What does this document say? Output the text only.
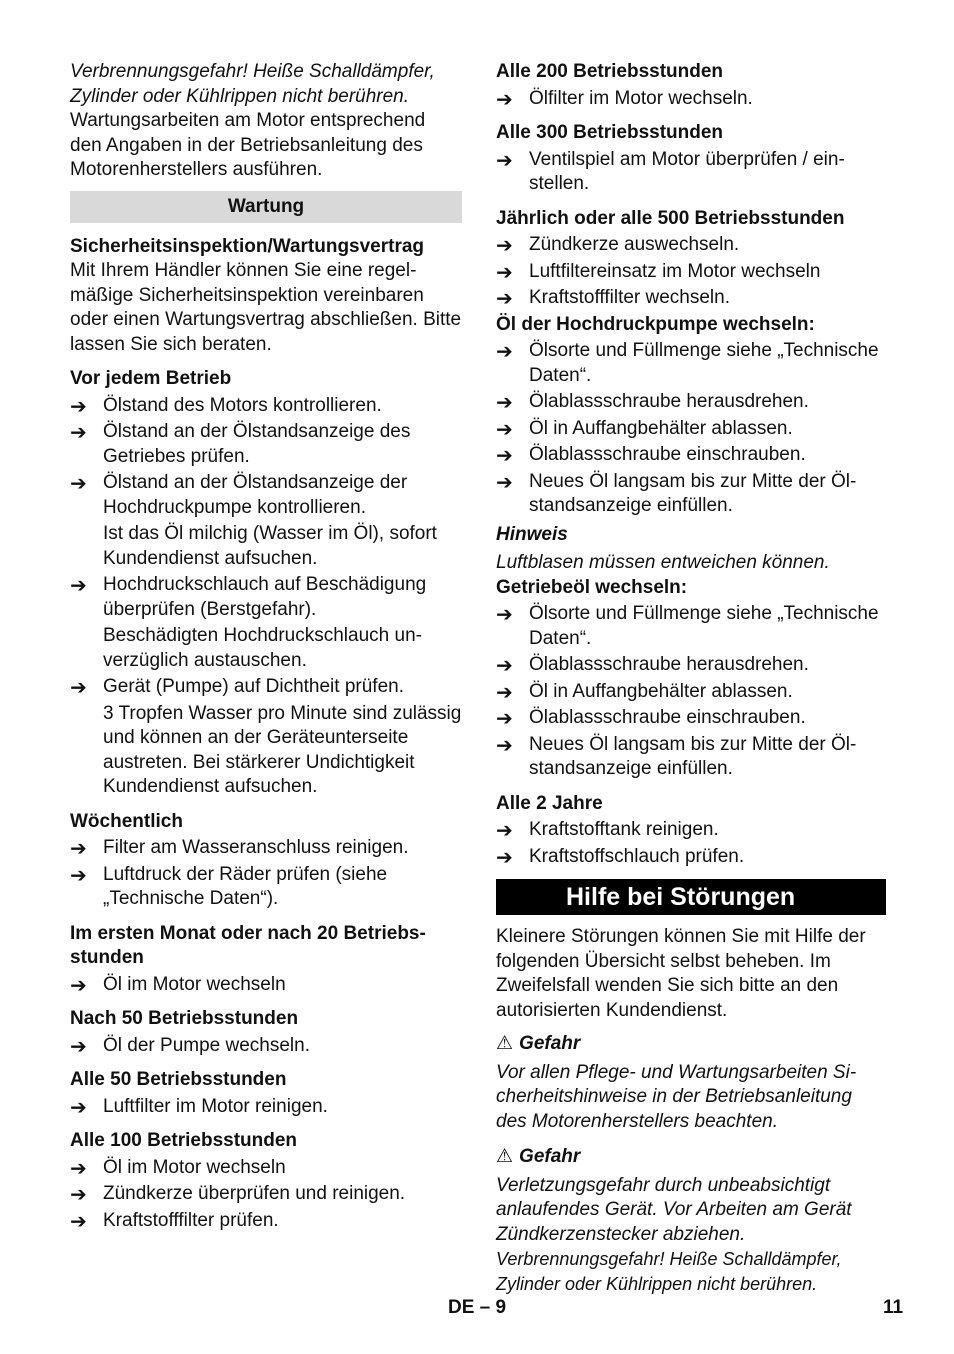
Verbrennungsgefahr! Heiße Schalldämpfer, Zylinder oder Kühlrippen nicht berühren.

Wartungsarbeiten am Motor entsprechend den Angaben in der Betriebsanleitung des Motorenherstellers ausführen.

Wartung

Sicherheitsinspektion/Wartungsvertrag

Mit Ihrem Händler können Sie eine regelmäßige Sicherheitsinspektion vereinbaren oder einen Wartungsvertrag abschließen. Bitte lassen Sie sich beraten.

Vor jedem Betrieb

➔ Ölstand des Motors kontrollieren.
➔ Ölstand an der Ölstandsanzeige des Getriebes prüfen.
➔ Ölstand an der Ölstandsanzeige der Hochdruckpumpe kontrollieren.

Ist das Öl milchig (Wasser im Öl), sofort Kundendienst aufsuchen.

➔ Hochdruckschlauch auf Beschädigung überprüfen (Berstgefahr).

Beschädigten Hochdruckschlauch unverzüglich austauschen.

➔ Gerät (Pumpe) auf Dichtheit prüfen.

3 Tropfen Wasser pro Minute sind zulässig und können an der Geräteunterseite austreten. Bei stärkerer Undichtigkeit Kundendienst aufsuchen.

Wöchentlich

➔ Filter am Wasseranschluss reinigen.
➔ Luftdruck der Räder prüfen (siehe „Technische Daten“).

Im ersten Monat oder nach 20 Betriebsstunden

➔ Öl im Motor wechseln

Nach 50 Betriebsstunden

➔ Öl der Pumpe wechseln.

Alle 50 Betriebsstunden

➔ Luftfilter im Motor reinigen.

Alle 100 Betriebsstunden

➔ Öl im Motor wechseln
➔ Zündkerze überprüfen und reinigen.
➔ Kraftstofffilter prüfen.

Alle 200 Betriebsstunden

➔ Ölfilter im Motor wechseln.

Alle 300 Betriebsstunden

➔ Ventilspiel am Motor überprüfen / einstellen.

Jährlich oder alle 500 Betriebsstunden

➔ Zündkerze auswechseln.
➔ Luftfiltereinsatz im Motor wechseln
➔ Kraftstofffilter wechseln.

Öl der Hochdruckpumpe wechseln:

➔ Ölsorte und Füllmenge siehe „Technische Daten“.
➔ Ölablassschraube herausdrehen.
➔ Öl in Auffangbehälter ablassen.
➔ Ölablassschraube einschrauben.
➔ Neues Öl langsam bis zur Mitte der Ölstandsanzeige einfüllen.

Hinweis

Luftblasen müssen entweichen können.

Getriebeöl wechseln:

➔ Ölsorte und Füllmenge siehe „Technische Daten“.
➔ Ölablassschraube herausdrehen.
➔ Öl in Auffangbehälter ablassen.
➔ Ölablassschraube einschrauben.
➔ Neues Öl langsam bis zur Mitte der Ölstandsanzeige einfüllen.

Alle 2 Jahre

➔ Kraftstofftank reinigen.
➔ Kraftstoffschlauch prüfen.
Hilfe bei Störungen

Kleinere Störungen können Sie mit Hilfe der folgenden Übersicht selbst beheben. Im Zweifelsfall wenden Sie sich bitte an den autorisierten Kundendienst.

⚠ Gefahr

Vor allen Pflege- und Wartungsarbeiten Sicherheitshinweise in der Betriebsanleitung des Motorenherstellers beachten.

⚠ Gefahr

Verletzungsgefahr durch unbeabsichtigt anlaufendes Gerät. Vor Arbeiten am Gerät Zündkerzenstecker abziehen.

Verbrennungsgefahr! Heiße Schalldämpfer, Zylinder oder Kühlrippen nicht berühren.

DE – 9	11
